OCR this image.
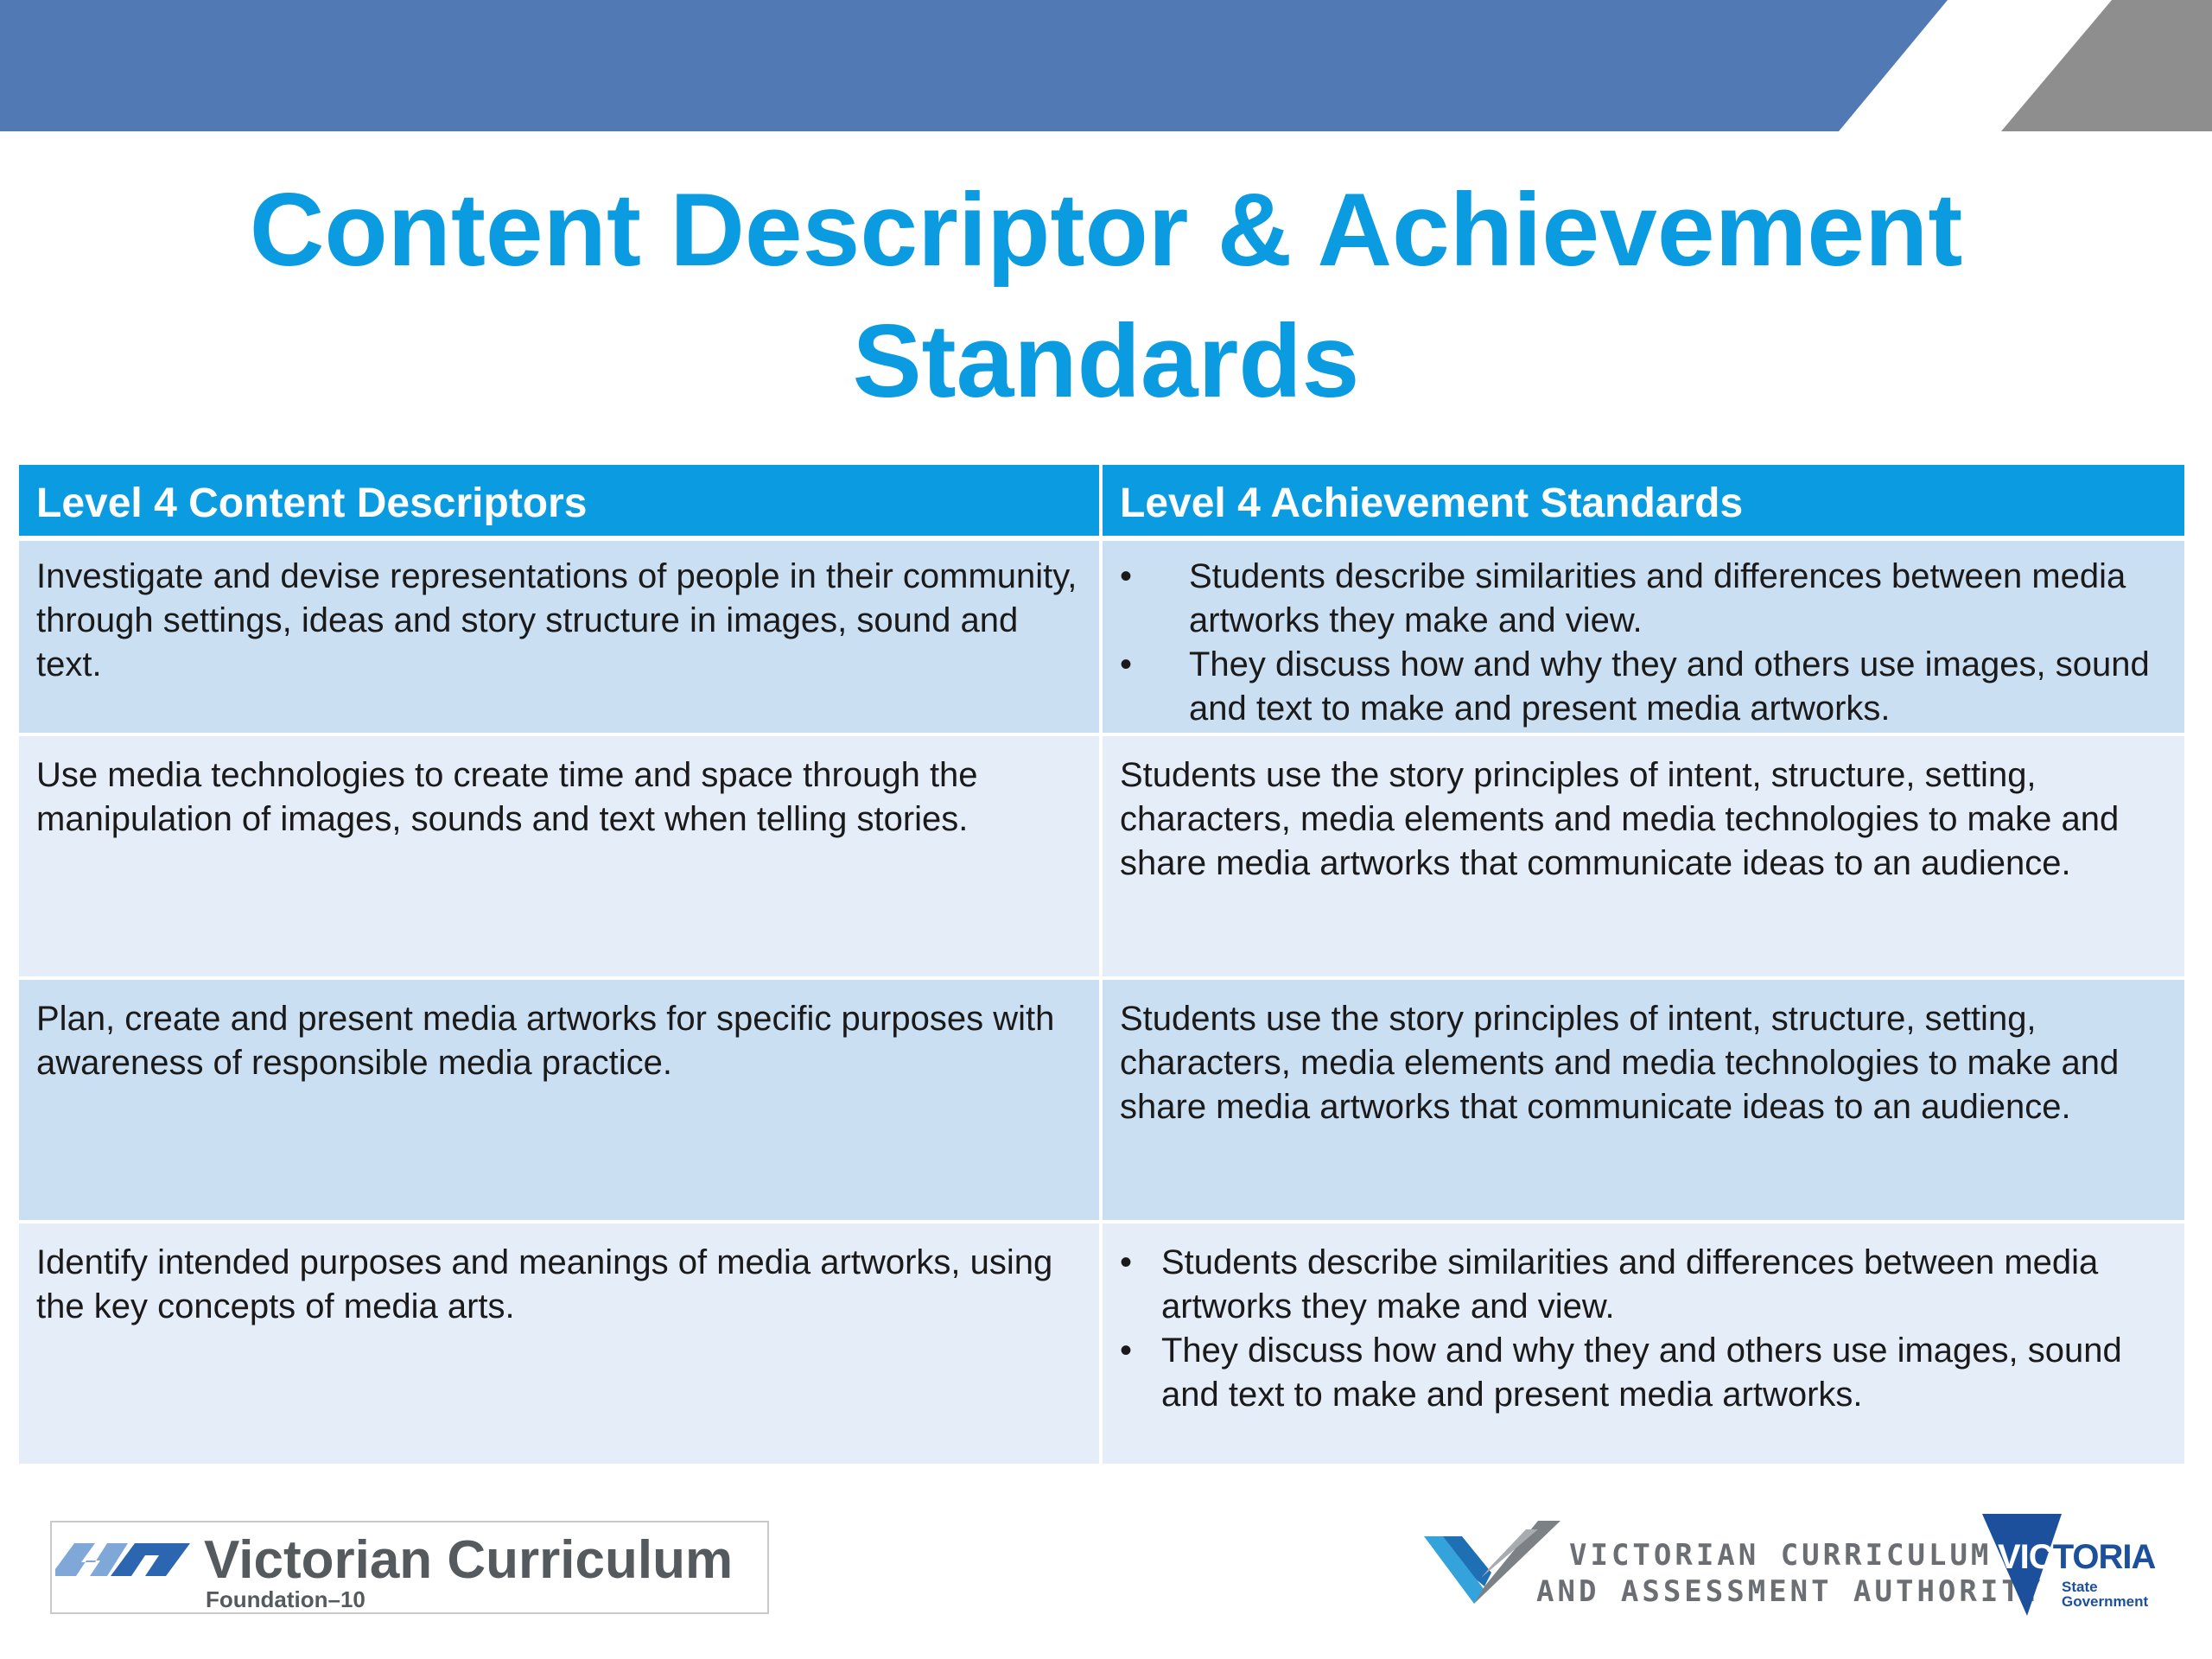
Content Descriptor & Achievement
Standards
Level 4 Content Descriptors	Level 4 Achievement Standards
Investigate and devise representations of people in their community, through settings, ideas and story structure in images, sound and text.
• Students describe similarities and differences between media artworks they make and view.
• They discuss how and why they and others use images, sound and text to make and present media artworks.
Use media technologies to create time and space through the manipulation of images, sounds and text when telling stories.
Students use the story principles of intent, structure, setting, characters, media elements and media technologies to make and share media artworks that communicate ideas to an audience.
Plan, create and present media artworks for specific purposes with awareness of responsible media practice.
Students use the story principles of intent, structure, setting, characters, media elements and media technologies to make and share media artworks that communicate ideas to an audience.
Identify intended purposes and meanings of media artworks, using the key concepts of media arts.
• Students describe similarities and differences between media artworks they make and view.
• They discuss how and why they and others use images, sound and text to make and present media artworks.
Victorian Curriculum
Foundation–10
VICTORIAN CURRICULUM
AND ASSESSMENT AUTHORITY
VICTORIA
State
Government
